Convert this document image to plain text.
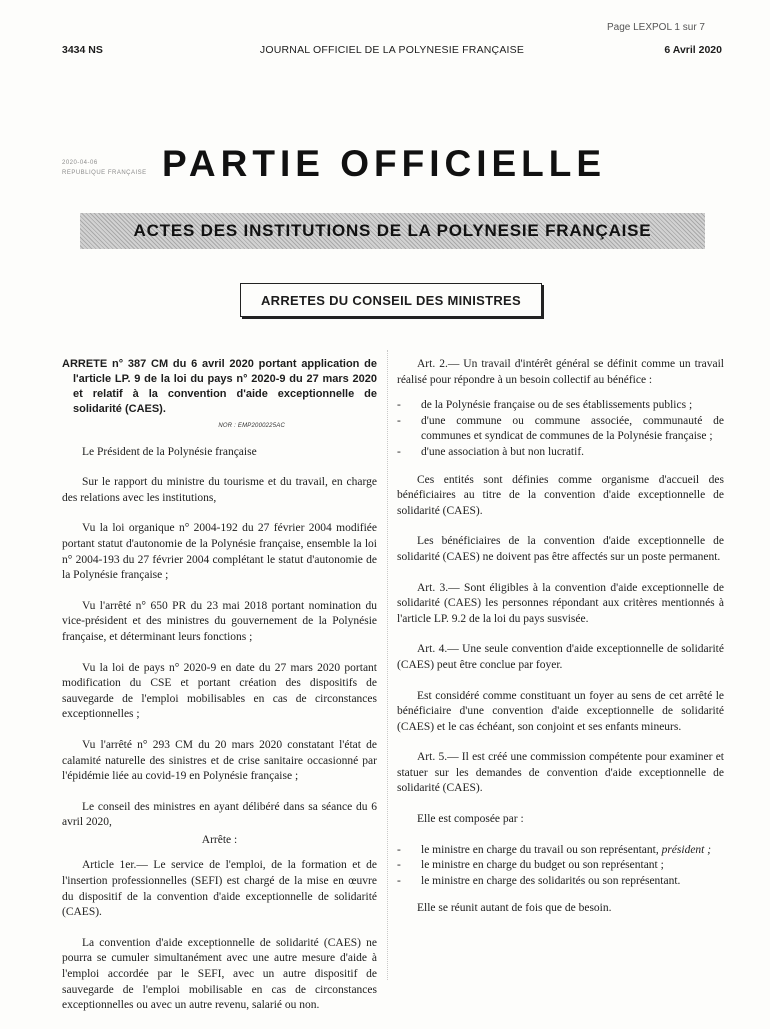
Page LEXPOL 1 sur 7
3434 NS	JOURNAL OFFICIEL DE LA POLYNESIE FRANÇAISE	6 Avril 2020
2020-04-06
REPUBLIQUE FRANÇAISE PARTIE OFFICIELLE
ACTES DES INSTITUTIONS DE LA POLYNESIE FRANÇAISE
ARRETES DU CONSEIL DES MINISTRES

ARRETE n° 387 CM du 6 avril 2020 portant application de l'article LP. 9 de la loi du pays n° 2020-9 du 27 mars 2020 et relatif à la convention d'aide exceptionnelle de solidarité (CAES).

NOR : EMP2000225AC

Le Président de la Polynésie française

Sur le rapport du ministre du tourisme et du travail, en charge des relations avec les institutions,

Vu la loi organique n° 2004-192 du 27 février 2004 modifiée portant statut d'autonomie de la Polynésie française, ensemble la loi n° 2004-193 du 27 février 2004 complétant le statut d'autonomie de la Polynésie française ;

Vu l'arrêté n° 650 PR du 23 mai 2018 portant nomination du vice-président et des ministres du gouvernement de la Polynésie française, et déterminant leurs fonctions ;

Vu la loi de pays n° 2020-9 en date du 27 mars 2020 portant modification du CSE et portant création des dispositifs de sauvegarde de l'emploi mobilisables en cas de circonstances exceptionnelles ;

Vu l'arrêté n° 293 CM du 20 mars 2020 constatant l'état de calamité naturelle des sinistres et de crise sanitaire occasionné par l'épidémie liée au covid-19 en Polynésie française ;

Le conseil des ministres en ayant délibéré dans sa séance du 6 avril 2020,

Arrête :

Article 1er.— Le service de l'emploi, de la formation et de l'insertion professionnelles (SEFI) est chargé de la mise en œuvre du dispositif de la convention d'aide exceptionnelle de solidarité (CAES).

La convention d'aide exceptionnelle de solidarité (CAES) ne pourra se cumuler simultanément avec une autre mesure d'aide à l'emploi accordée par le SEFI, avec un autre dispositif de sauvegarde de l'emploi mobilisable en cas de circonstances exceptionnelles ou avec un autre revenu, salarié ou non.

Art. 2.— Un travail d'intérêt général se définit comme un travail réalisé pour répondre à un besoin collectif au bénéfice :

- de la Polynésie française ou de ses établissements publics ;
- d'une commune ou commune associée, communauté de communes et syndicat de communes de la Polynésie française ;
- d'une association à but non lucratif.

Ces entités sont définies comme organisme d'accueil des bénéficiaires au titre de la convention d'aide exceptionnelle de solidarité (CAES).

Les bénéficiaires de la convention d'aide exceptionnelle de solidarité (CAES) ne doivent pas être affectés sur un poste permanent.

Art. 3.— Sont éligibles à la convention d'aide exceptionnelle de solidarité (CAES) les personnes répondant aux critères mentionnés à l'article LP. 9.2 de la loi du pays susvisée.

Art. 4.— Une seule convention d'aide exceptionnelle de solidarité (CAES) peut être conclue par foyer.

Est considéré comme constituant un foyer au sens de cet arrêté le bénéficiaire d'une convention d'aide exceptionnelle de solidarité (CAES) et le cas échéant, son conjoint et ses enfants mineurs.

Art. 5.— Il est créé une commission compétente pour examiner et statuer sur les demandes de convention d'aide exceptionnelle de solidarité (CAES).

Elle est composée par :

- le ministre en charge du travail ou son représentant, président ;
- le ministre en charge du budget ou son représentant ;
- le ministre en charge des solidarités ou son représentant.

Elle se réunit autant de fois que de besoin.
